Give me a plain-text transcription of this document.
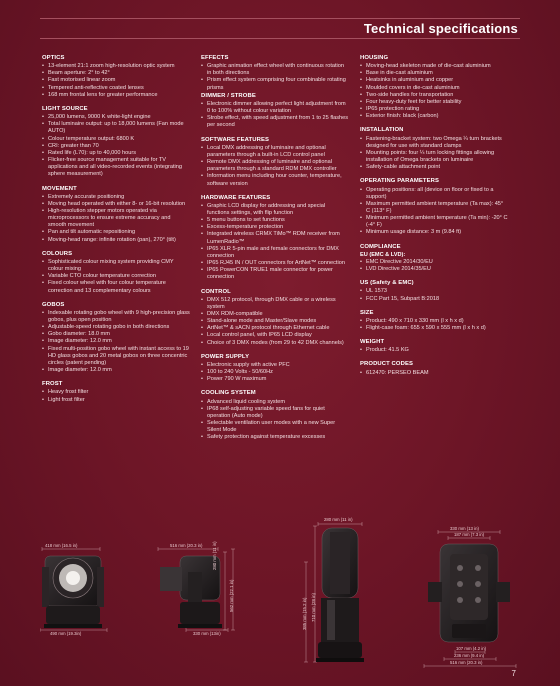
Technical specifications
OPTICS
• 13-element 21:1 zoom high-resolution optic system
• Beam aperture: 2° to 42°
• Fast motorised linear zoom
• Tempered anti-reflective coated lenses
• 168 mm frontal lens for greater performance
LIGHT SOURCE
• 25,000 lumens, 9000 K white-light engine
• Total luminaire output: up to 18,000 lumens (Fan mode AUTO)
• Colour temperature output: 6800 K
• CRI: greater than 70
• Rated life (L70): up to 40,000 hours
• Flicker-free source management suitable for TV applications and all video-recorded events (integrating sphere measurement)
MOVEMENT
• Extremely accurate positioning
• Moving head operated with either 8- or 16-bit resolution
• High-resolution stepper motors operated via microprocessors to ensure extreme accuracy and smooth movement
• Pan and tilt automatic repositioning
• Moving-head range: infinite rotation (pan), 270° (tilt)
COLOURS
• Sophisticated colour mixing system providing CMY colour mixing
• Variable CTO colour temperature correction
• Fixed colour wheel with four colour temperature correction and 13 complementary colours
GOBOS
• Indexable rotating gobo wheel with 9 high-precision glass gobos, plus open position
• Adjustable-speed rotating gobo in both directions
• Gobo diameter: 18.0 mm
• Image diameter: 12.0 mm
• Fixed multi-position gobo wheel with instant access to 19 HD glass gobos and 20 metal gobos on three concentric circles (patent pending)
• Image diameter: 12.0 mm
FROST
• Heavy frost filter
• Light frost filter
EFFECTS
• Graphic animation effect wheel with continuous rotation in both directions
• Prism effect system comprising four combinable rotating prisms
DIMMER / STROBE
• Electronic dimmer allowing perfect light adjustment from 0 to 100% without colour variation
• Strobe effect, with speed adjustment from 1 to 25 flashes per second
SOFTWARE FEATURES
• Local DMX addressing of luminaire and optional parameters through a built-in LCD control panel
• Remote DMX addressing of luminaire and optional parameters through a standard RDM DMX controller
• Information menu including hour counter, temperature, software version
HARDWARE FEATURES
• Graphic LCD display for addressing and special functions settings, with flip function
• 5 menu buttons to set functions
• Excess-temperature protection
• Integrated wireless CRMX TiMo™ RDM receiver from LumenRadio™
• IP65 XLR 5-pin male and female connectors for DMX connection
• IP65 RJ45 IN / OUT connectors for ArtNet™ connection
• IP65 PowerCON TRUE1 male connector for power connection
CONTROL
• DMX 512 protocol, through DMX cable or a wireless system
• DMX RDM-compatible
• Stand-alone mode and Master/Slave modes
• ArtNet™ & sACN protocol through Ethernet cable
• Local control panel, with IP65 LCD display
• Choice of 3 DMX modes (from 29 to 42 DMX channels)
POWER SUPPLY
• Electronic supply with active PFC
• 100 to 240 Volts - 50/60Hz
• Power 790 W maximum
COOLING SYSTEM
• Advanced liquid cooling system
• IP68 self-adjusting variable speed fans for quiet operation (Auto mode)
• Selectable ventilation user modes with a new Super Silent Mode
• Safety protection against temperature excesses
HOUSING
• Moving-head skeleton made of die-cast aluminium
• Base in die-cast aluminium
• Heatsinks in aluminium and copper
• Moulded covers in die-cast aluminium
• Two-side handles for transportation
• Four heavy-duty feet for better stability
• IP65 protection rating
• Exterior finish: black (carbon)
INSTALLATION
• Fastening-bracket system: two Omega ¼ turn brackets designed for use with standard clamps
• Mounting points: four ¼ turn locking fittings allowing installation of Omega brackets on luminaire
• Safety-cable attachment point
OPERATING PARAMETERS
• Operating positions: all (device on floor or fixed to a support)
• Maximum permitted ambient temperature (Ta max): 45° C (113° F)
• Minimum permitted ambient temperature (Ta min): -20° C (-4° F)
• Minimum usage distance: 3 m (9.84 ft)
COMPLIANCE
EU (EMC & LVD):
• EMC Directive 2014/30/EU
• LVD Directive 2014/35/EU
US (Safety & EMC)
• UL 1573
• FCC Part 15, Subpart B:2018
SIZE
• Product: 490 x 710 x 330 mm (l x h x d)
• Flight-case foam: 655 x 590 x 555 mm (l x h x d)
WEIGHT
• Product: 41.5 KG
PRODUCT CODES
• 612470: PERSEO BEAM
418 mm (16.5 in)
490 mm (19.3in)
516 mm (20.3 in)
330 mm (13in)
280 mm (11 in)
562 mm (22.1 in)
280 mm (11 in)
710 mm (28 in)
385 mm (15.2 in)
330 mm (13 in)
187 mm (7.3 in)
107 mm (4.2 in)
236 mm (9.4 in)
516 mm (20.3 in)
7
